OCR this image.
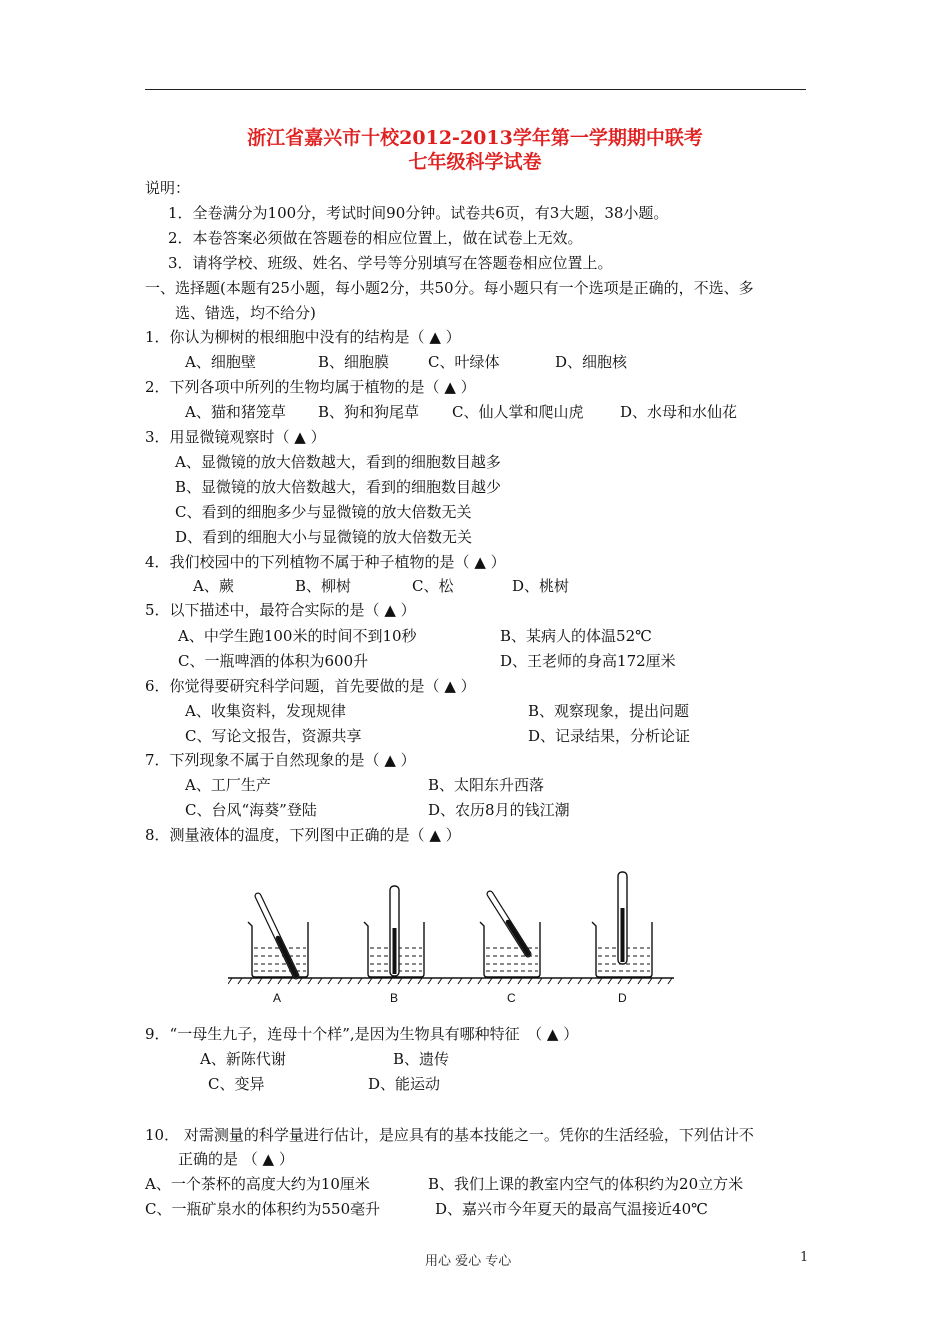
浙江省嘉兴市十校2012-2013学年第一学期期中联考
七年级科学试卷
说明：
1．全卷满分为100分，考试时间90分钟。试卷共6页，有3大题，38小题。
2．本卷答案必须做在答题卷的相应位置上，做在试卷上无效。
3．请将学校、班级、姓名、学号等分别填写在答题卷相应位置上。
一、选择题(本题有25小题，每小题2分，共50分。每小题只有一个选项是正确的，不选、多
选、错选，均不给分)
1．你认为柳树的根细胞中没有的结构是（ ▲ ）
A、细胞壁	B、细胞膜	C、叶绿体	D、细胞核
2．下列各项中所列的生物均属于植物的是（ ▲ ）
A、猫和猪笼草 B、狗和狗尾草 C、仙人掌和爬山虎 D、水母和水仙花
3．用显微镜观察时（ ▲ ）
A、显微镜的放大倍数越大，看到的细胞数目越多
B、显微镜的放大倍数越大，看到的细胞数目越少
C、看到的细胞多少与显微镜的放大倍数无关
D、看到的细胞大小与显微镜的放大倍数无关
4．我们校园中的下列植物不属于种子植物的是（ ▲ ）
A、蕨	B、柳树	C、松	D、桃树
5．以下描述中，最符合实际的是（ ▲ ）
A、中学生跑100米的时间不到10秒	B、某病人的体温52℃
C、一瓶啤酒的体积为600升	D、王老师的身高172厘米
6．你觉得要研究科学问题，首先要做的是（ ▲ ）
A、收集资料，发现规律	B、观察现象，提出问题
C、写论文报告，资源共享	D、记录结果，分析论证
7．下列现象不属于自然现象的是（ ▲ ）
A、工厂生产	B、太阳东升西落
C、台风“海葵”登陆	D、农历8月的钱江潮
8．测量液体的温度，下列图中正确的是（ ▲ ）
A	B	C	D
9．“一母生九子，连母十个样”,是因为生物具有哪种特征　（ ▲ ）
A、新陈代谢	B、遗传
C、变异	D、能运动
10． 对需测量的科学量进行估计，是应具有的基本技能之一。凭你的生活经验，下列估计不
正确的是 （ ▲ ）
A、一个茶杯的高度大约为10厘米	B、我们上课的教室内空气的体积约为20立方米
C、一瓶矿泉水的体积约为550毫升	D、嘉兴市今年夏天的最高气温接近40℃
用心 爱心 专心	1
